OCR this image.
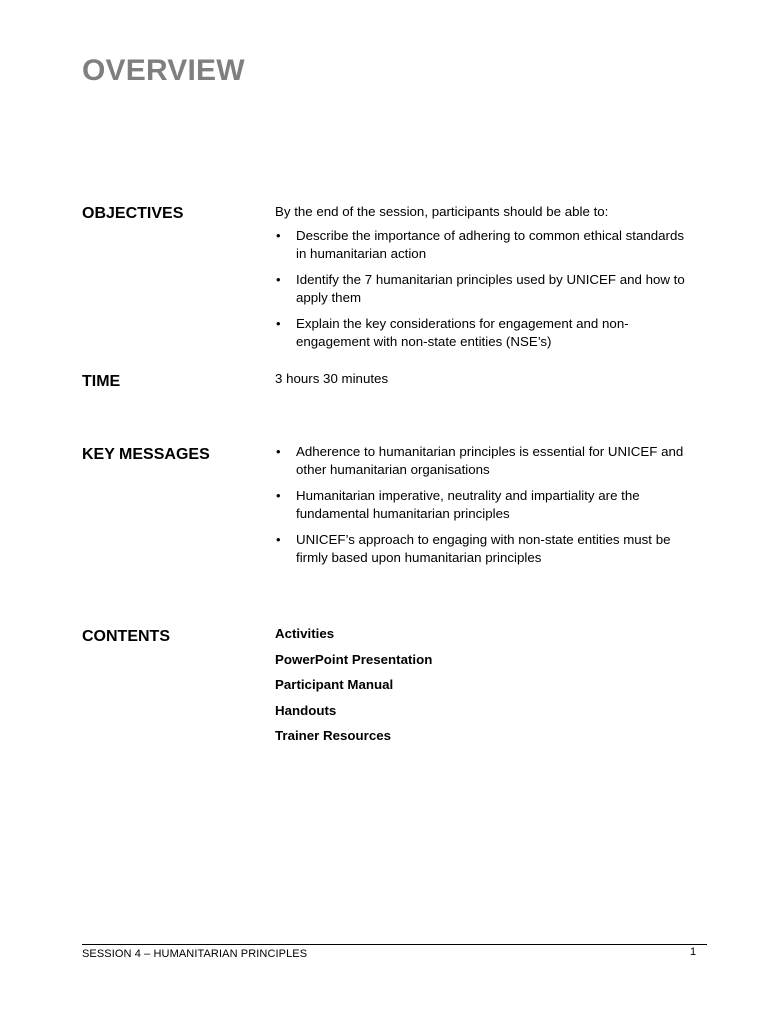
OVERVIEW
OBJECTIVES	By the end of the session, participants should be able to:

• Describe the importance of adhering to common ethical standards in humanitarian action
• Identify the 7 humanitarian principles used by UNICEF and how to apply them
• Explain the key considerations for engagement and non-engagement with non-state entities (NSE’s)
TIME	3 hours 30 minutes

KEY MESSAGES	• Adherence to humanitarian principles is essential for UNICEF and other humanitarian organisations
• Humanitarian imperative, neutrality and impartiality are the fundamental humanitarian principles
• UNICEF’s approach to engaging with non-state entities must be firmly based upon humanitarian principles
CONTENTS	Activities
PowerPoint Presentation
Participant Manual
Handouts
Trainer Resources
SESSION 4 – HUMANITARIAN PRINCIPLES	1
